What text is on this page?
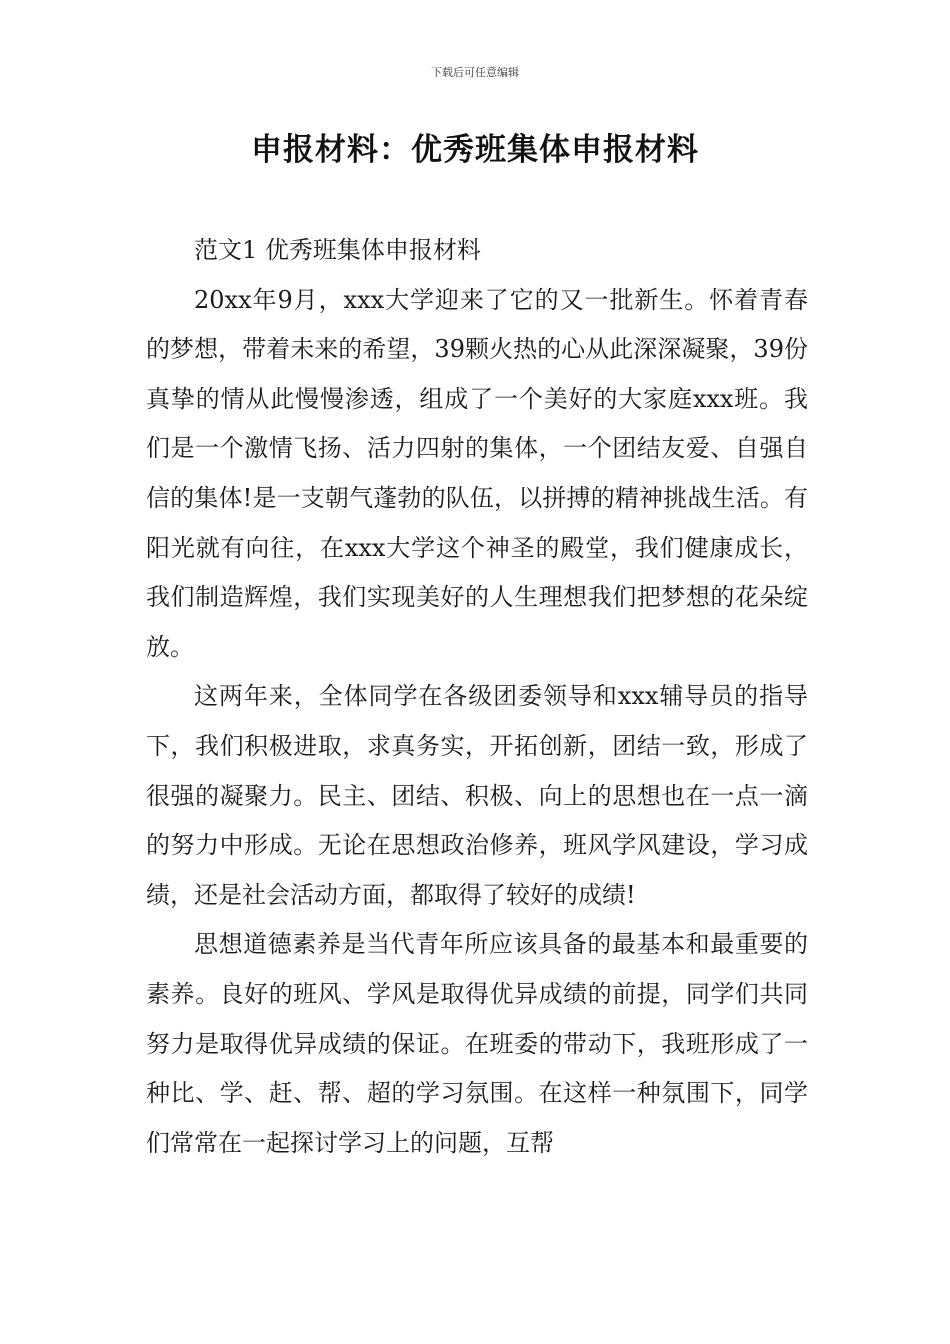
下载后可任意编辑
申报材料：优秀班集体申报材料

范文1 优秀班集体申报材料

20xx年9月，xxx大学迎来了它的又一批新生。怀着青春的梦想，带着未来的希望，39颗火热的心从此深深凝聚，39份真挚的情从此慢慢渗透，组成了一个美好的大家庭xxx班。我们是一个激情飞扬、活力四射的集体，一个团结友爱、自强自信的集体!是一支朝气蓬勃的队伍，以拼搏的精神挑战生活。有阳光就有向往，在xxx大学这个神圣的殿堂，我们健康成长，我们制造辉煌，我们实现美好的人生理想我们把梦想的花朵绽放。

这两年来，全体同学在各级团委领导和xxx辅导员的指导下，我们积极进取，求真务实，开拓创新，团结一致，形成了很强的凝聚力。民主、团结、积极、向上的思想也在一点一滴的努力中形成。无论在思想政治修养，班风学风建设，学习成绩，还是社会活动方面，都取得了较好的成绩!

思想道德素养是当代青年所应该具备的最基本和最重要的素养。良好的班风、学风是取得优异成绩的前提，同学们共同努力是取得优异成绩的保证。在班委的带动下，我班形成了一种比、学、赶、帮、超的学习氛围。在这样一种氛围下，同学们常常在一起探讨学习上的问题，互帮
